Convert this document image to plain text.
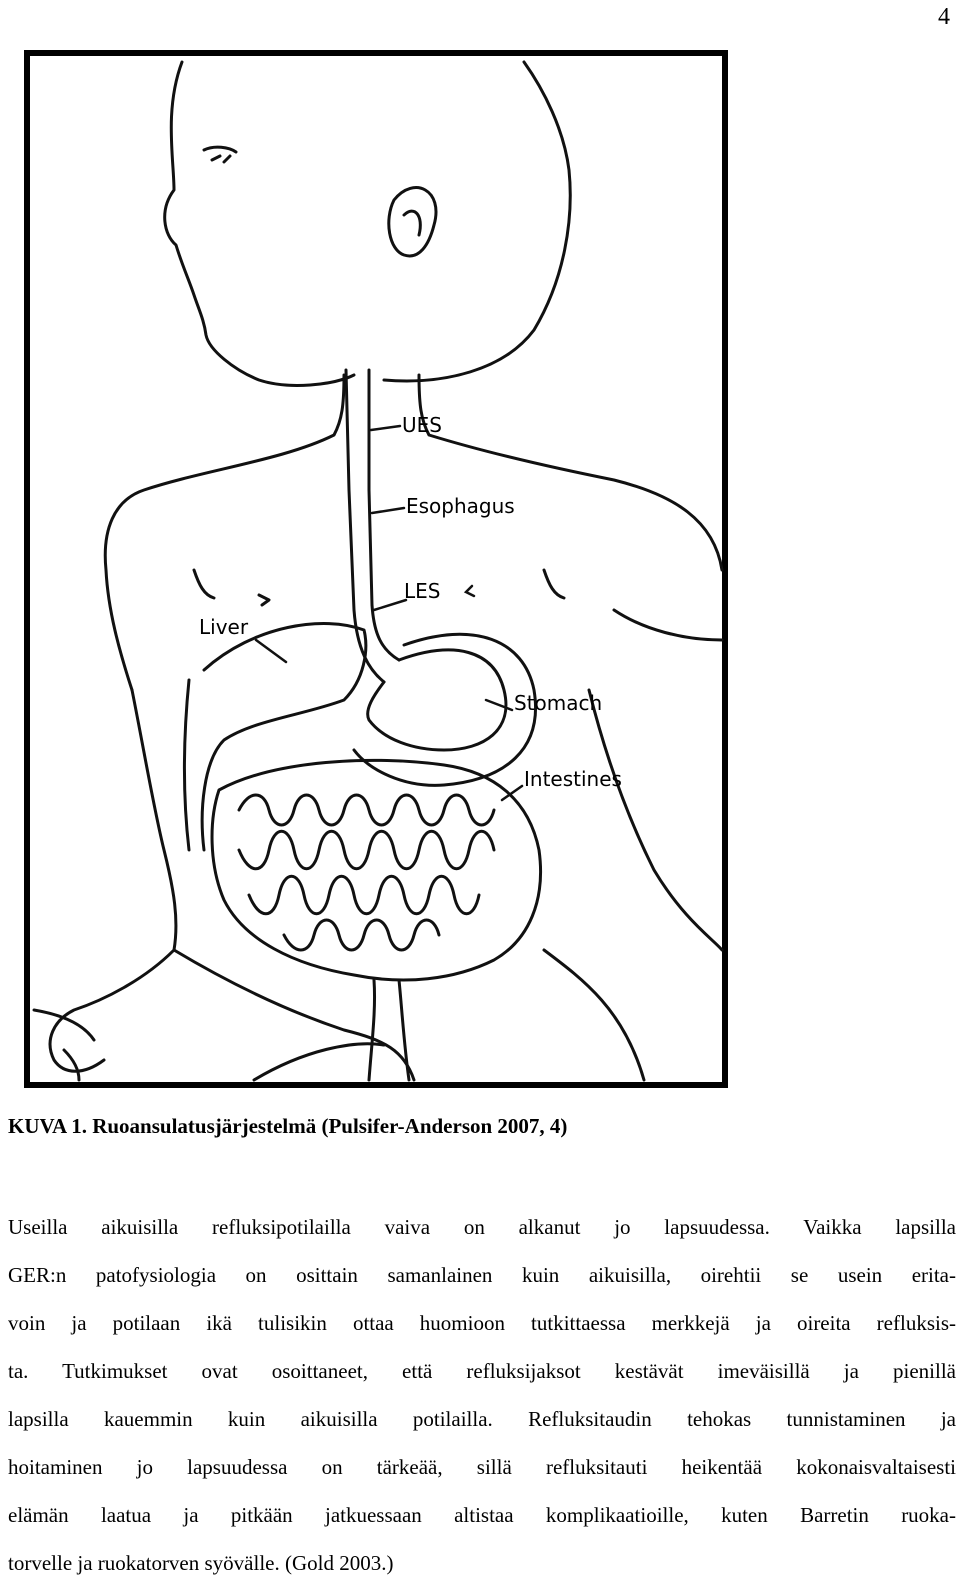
4
UES
Esophagus
LES
Liver
Stomach
Intestines
KUVA 1. Ruoansulatusjärjestelmä (Pulsifer-Anderson 2007, 4)
Useilla aikuisilla refluksipotilailla vaiva on alkanut jo lapsuudessa. Vaikka lapsilla
GER:n patofysiologia on osittain samanlainen kuin aikuisilla, oirehtii se usein erita-
voin ja potilaan ikä tulisikin ottaa huomioon tutkittaessa merkkejä ja oireita refluksis-
ta. Tutkimukset ovat osoittaneet, että refluksijaksot kestävät imeväisillä ja pienillä
lapsilla kauemmin kuin aikuisilla potilailla. Refluksitaudin tehokas tunnistaminen ja
hoitaminen jo lapsuudessa on tärkeää, sillä refluksitauti heikentää kokonaisvaltaisesti
elämän laatua ja pitkään jatkuessaan altistaa komplikaatioille, kuten Barretin ruoka-
torvelle ja ruokatorven syövälle. (Gold 2003.)
